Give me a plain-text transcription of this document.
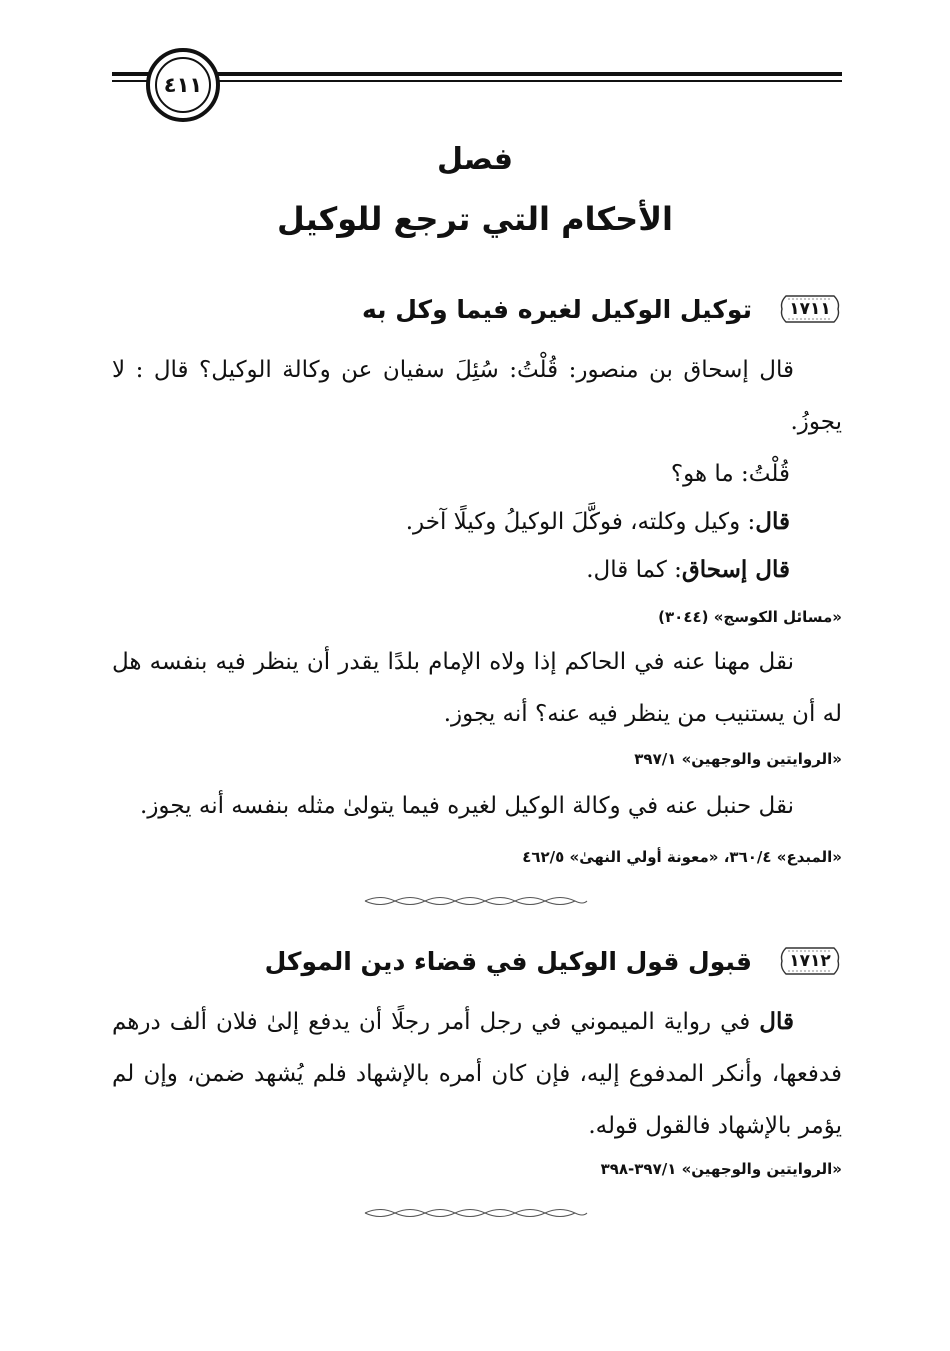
٤١١
فصل
الأحكام التي ترجع للوكيل
١٧١١
توكيل الوكيل لغيره فيما وكل به
قال إسحاق بن منصور: قُلْتُ: سُئِلَ سفيان عن وكالة الوكيل؟ قال : لا يجوزُ.
قُلْتُ: ما هو؟
قال: وكيل وكلته، فوكَّلَ الوكيلُ وكيلًا آخر.
قال إسحاق: كما قال.
«مسائل الكوسج» (٣٠٤٤)
نقل مهنا عنه في الحاكم إذا ولاه الإمام بلدًا يقدر أن ينظر فيه بنفسه هل له أن يستنيب من ينظر فيه عنه؟ أنه يجوز.
«الروايتين والوجهين» ٣٩٧/١
نقل حنبل عنه في وكالة الوكيل لغيره فيما يتولىٰ مثله بنفسه أنه يجوز.
«المبدع» ٣٦٠/٤، «معونة أولي النهىٰ» ٤٦٢/٥
١٧١٢
قبول قول الوكيل في قضاء دين الموكل
قال في رواية الميموني في رجل أمر رجلًا أن يدفع إلىٰ فلان ألف درهم فدفعها، وأنكر المدفوع إليه، فإن كان أمره بالإشهاد فلم يُشهد ضمن، وإن لم يؤمر بالإشهاد فالقول قوله.
«الروايتين والوجهين» ٣٩٧/١-٣٩٨
